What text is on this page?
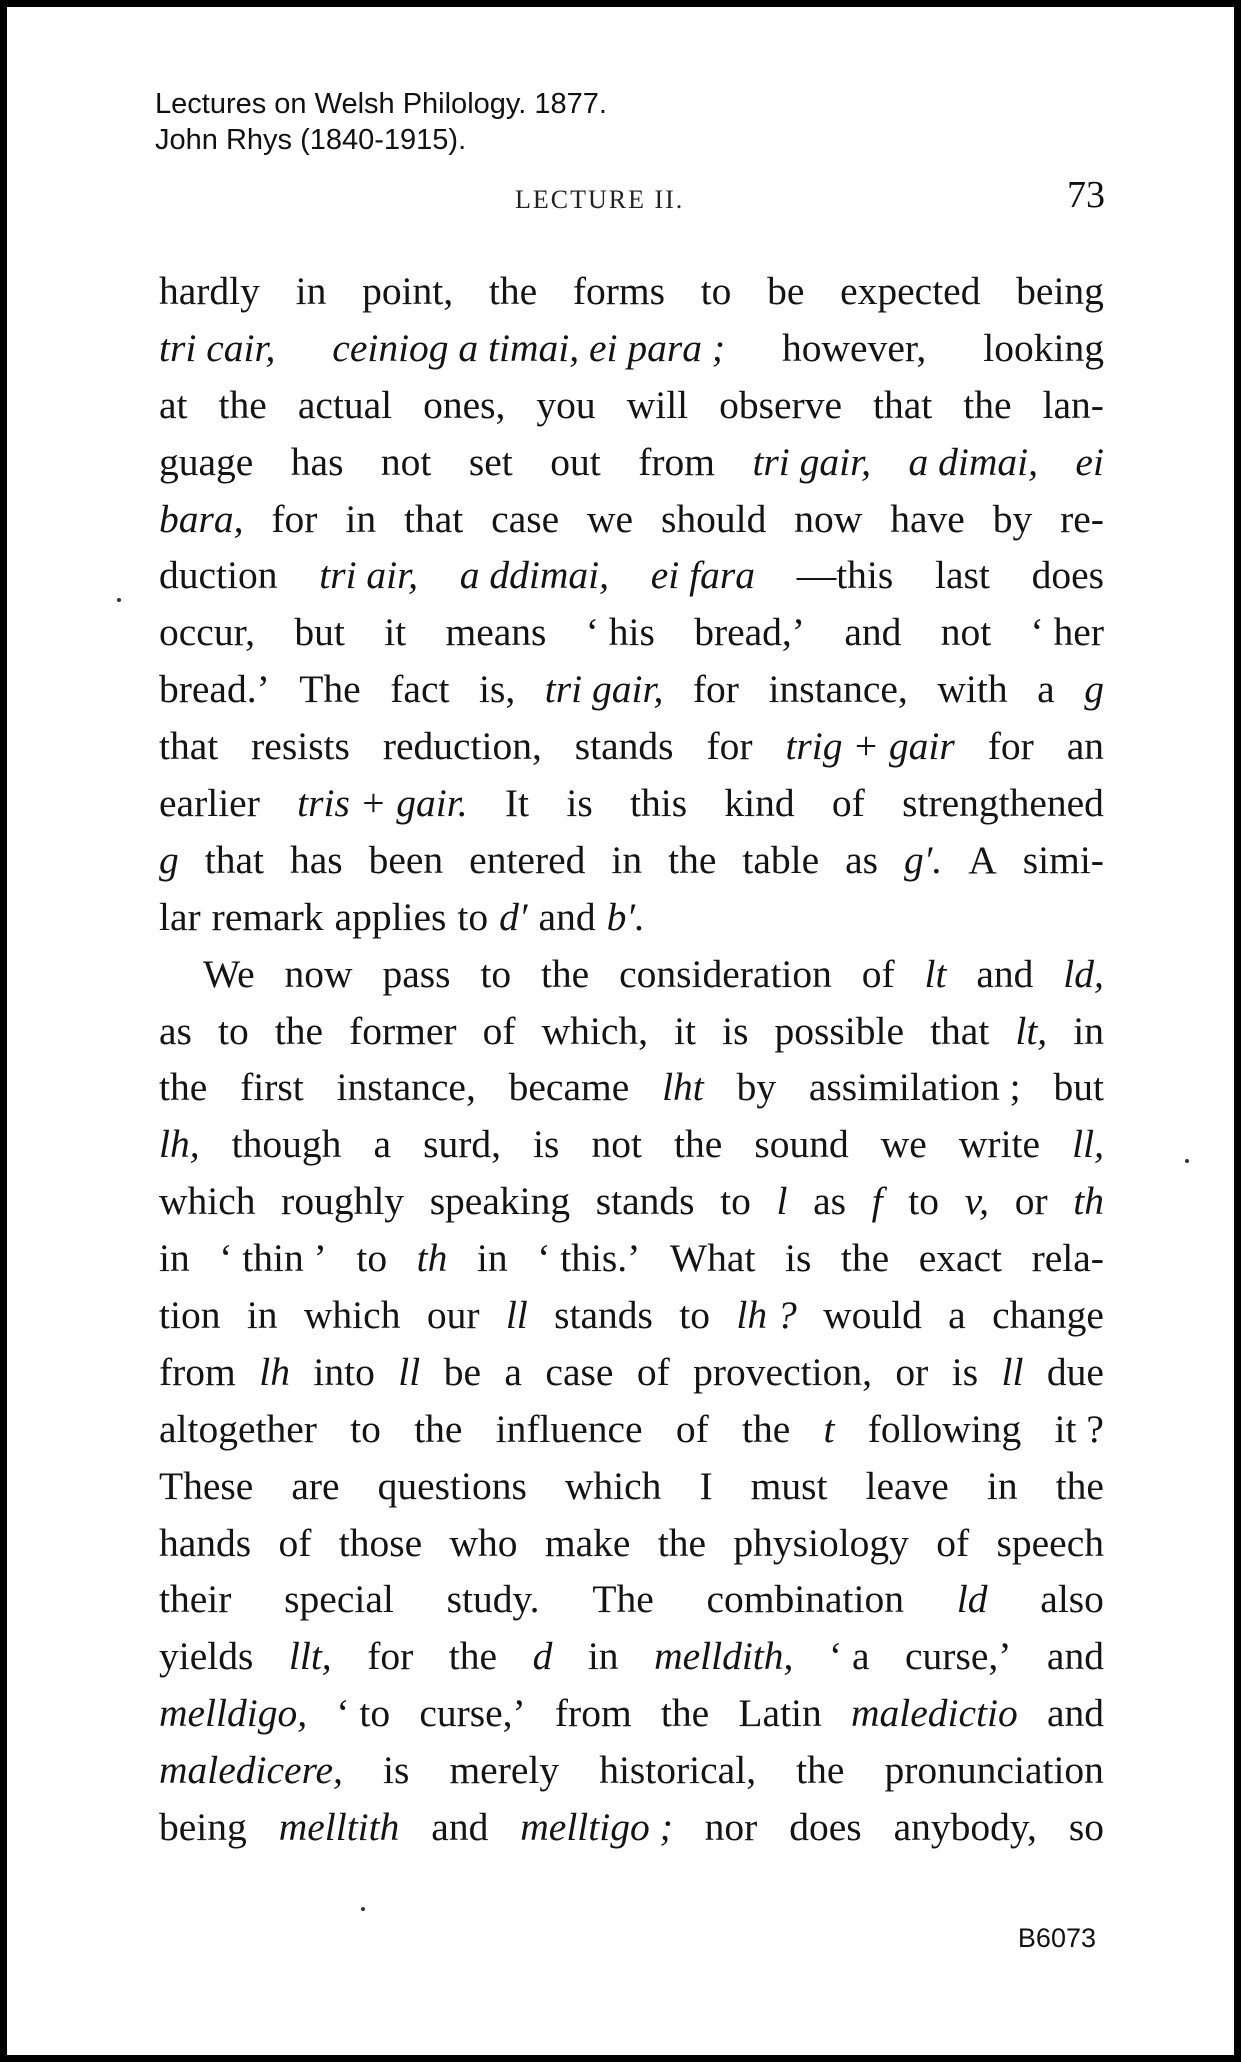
Lectures on Welsh Philology. 1877.
John Rhys (1840-1915).
LECTURE II.	73
hardly in point, the forms to be expected being
tri cair, ceiniog a timai, ei para ; however, looking
at the actual ones, you will observe that the lan-
guage has not set out from tri gair, a dimai, ei
bara, for in that case we should now have by re-
duction tri air, a ddimai, ei fara —this last does
occur, but it means ‘ his bread,’ and not ‘ her
bread.’ The fact is, tri gair, for instance, with a g
that resists reduction, stands for trig + gair for an
earlier tris + gair. It is this kind of strengthened
g that has been entered in the table as g′. A simi-
lar remark applies to d′ and b′.
We now pass to the consideration of lt and ld,
as to the former of which, it is possible that lt, in
the first instance, became lht by assimilation ; but
lh, though a surd, is not the sound we write ll,
which roughly speaking stands to l as f to v, or th
in ‘ thin ’ to th in ‘ this.’ What is the exact rela-
tion in which our ll stands to lh ? would a change
from lh into ll be a case of provection, or is ll due
altogether to the influence of the t following it ?
These are questions which I must leave in the
hands of those who make the physiology of speech
their special study. The combination ld also
yields llt, for the d in melldith, ‘ a curse,’ and
melldigo, ‘ to curse,’ from the Latin maledictio and
maledicere, is merely historical, the pronunciation
being melltith and melltigo ; nor does anybody, so
B6073
